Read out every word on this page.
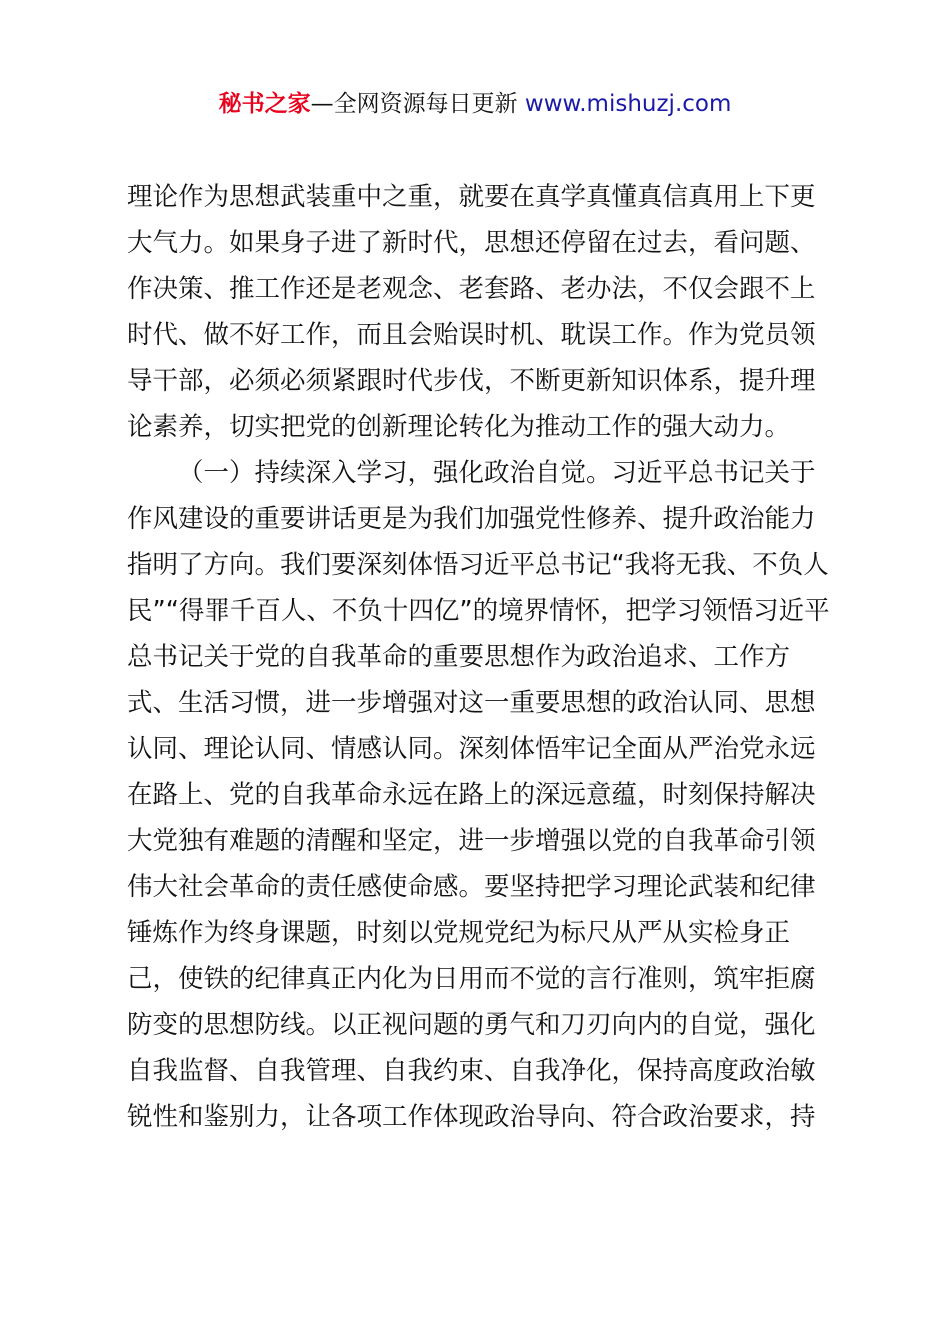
秘书之家—全网资源每日更新 www.mishuzj.com
理论作为思想武装重中之重，就要在真学真懂真信真用上下更
大气力。如果身子进了新时代，思想还停留在过去，看问题、
作决策、推工作还是老观念、老套路、老办法，不仅会跟不上
时代、做不好工作，而且会贻误时机、耽误工作。作为党员领
导干部，必须必须紧跟时代步伐，不断更新知识体系，提升理
论素养，切实把党的创新理论转化为推动工作的强大动力。
（一）持续深入学习，强化政治自觉。习近平总书记关于
作风建设的重要讲话更是为我们加强党性修养、提升政治能力
指明了方向。我们要深刻体悟习近平总书记“我将无我、不负人
民”“得罪千百人、不负十四亿”的境界情怀，把学习领悟习近平
总书记关于党的自我革命的重要思想作为政治追求、工作方
式、生活习惯，进一步增强对这一重要思想的政治认同、思想
认同、理论认同、情感认同。深刻体悟牢记全面从严治党永远
在路上、党的自我革命永远在路上的深远意蕴，时刻保持解决
大党独有难题的清醒和坚定，进一步增强以党的自我革命引领
伟大社会革命的责任感使命感。要坚持把学习理论武装和纪律
锤炼作为终身课题，时刻以党规党纪为标尺从严从实检身正
己，使铁的纪律真正内化为日用而不觉的言行准则，筑牢拒腐
防变的思想防线。以正视问题的勇气和刀刃向内的自觉，强化
自我监督、自我管理、自我约束、自我净化，保持高度政治敏
锐性和鉴别力，让各项工作体现政治导向、符合政治要求，持
